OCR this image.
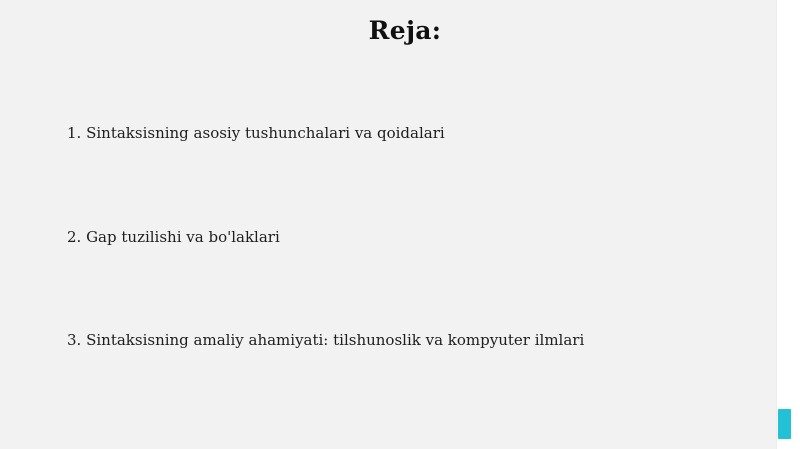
Reja:
1. Sintaksisning asosiy tushunchalari va qoidalari
2. Gap tuzilishi va bo'laklari
3. Sintaksisning amaliy ahamiyati: tilshunoslik va kompyuter ilmlari
